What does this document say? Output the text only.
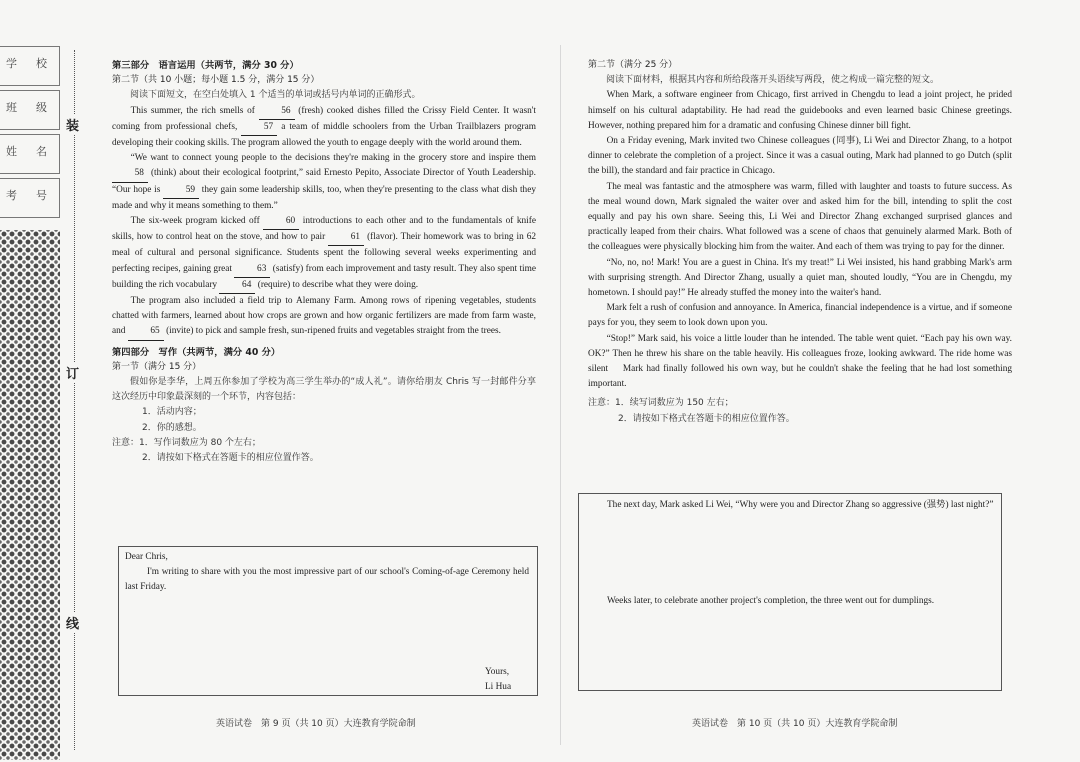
学 校
班 级
姓 名
考 号
装
订
线

第三部分　语言运用（共两节，满分 30 分）

第二节（共 10 小题；每小题 1.5 分，满分 15 分）

阅读下面短文，在空白处填入 1 个适当的单词或括号内单词的正确形式。

This summer, the rich smells of 56 (fresh) cooked dishes filled the Crissy Field Center. It wasn't coming from professional chefs, 57 a team of middle schoolers from the Urban Trailblazers program developing their cooking skills. The program allowed the youth to engage deeply with the world around them.

“We want to connect young people to the decisions they're making in the grocery store and inspire them 58 (think) about their ecological footprint,” said Ernesto Pepito, Associate Director of Youth Leadership. “Our hope is 59 they gain some leadership skills, too, when they're presenting to the class what dish they made and why it means something to them.”

The six-week program kicked off 60 introductions to each other and to the fundamentals of knife skills, how to control heat on the stove, and how to pair 61 (flavor). Their homework was to bring in 62 meal of cultural and personal significance. Students spent the following several weeks experimenting and perfecting recipes, gaining great 63 (satisfy) from each improvement and tasty result. They also spent time building the rich vocabulary 64 (require) to describe what they were doing.

The program also included a field trip to Alemany Farm. Among rows of ripening vegetables, students chatted with farmers, learned about how crops are grown and how organic fertilizers are made from farm waste, and 65 (invite) to pick and sample fresh, sun-ripened fruits and vegetables straight from the trees.

第四部分　写作（共两节，满分 40 分）

第一节（满分 15 分）

假如你是李华，上周五你参加了学校为高三学生举办的“成人礼”。请你给朋友 Chris 写一封邮件分享这次经历中印象最深刻的一个环节，内容包括：

1．活动内容；

2．你的感想。

注意：1．写作词数应为 80 个左右；

2．请按如下格式在答题卡的相应位置作答。

Dear Chris,
I'm writing to share with you the most impressive part of our school's Coming-of-age Ceremony held last Friday.
Yours,
Li Hua
英语试卷　第 9 页（共 10 页）大连教育学院命制

第二节（满分 25 分）

阅读下面材料，根据其内容和所给段落开头语续写两段，使之构成一篇完整的短文。

When Mark, a software engineer from Chicago, first arrived in Chengdu to lead a joint project, he prided himself on his cultural adaptability. He had read the guidebooks and even learned basic Chinese greetings. However, nothing prepared him for a dramatic and confusing Chinese dinner bill fight.

On a Friday evening, Mark invited two Chinese colleagues (同事), Li Wei and Director Zhang, to a hotpot dinner to celebrate the completion of a project. Since it was a casual outing, Mark had planned to go Dutch (split the bill), the standard and fair practice in Chicago.

The meal was fantastic and the atmosphere was warm, filled with laughter and toasts to future success. As the meal wound down, Mark signaled the waiter over and asked him for the bill, intending to split the cost equally and pay his own share. Seeing this, Li Wei and Director Zhang exchanged surprised glances and practically leaped from their chairs. What followed was a scene of chaos that genuinely alarmed Mark. Both of the colleagues were physically blocking him from the waiter. And each of them was trying to pay for the dinner.

“No, no, no! Mark! You are a guest in China. It's my treat!” Li Wei insisted, his hand grabbing Mark's arm with surprising strength. And Director Zhang, usually a quiet man, shouted loudly, “You are in Chengdu, my hometown. I should pay!” He already stuffed the money into the waiter's hand.

Mark felt a rush of confusion and annoyance. In America, financial independence is a virtue, and if someone pays for you, they seem to look down upon you.

“Stop!” Mark said, his voice a little louder than he intended. The table went quiet. “Each pay his own way. OK?” Then he threw his share on the table heavily. His colleagues froze, looking awkward. The ride home was silent　 Mark had finally followed his own way, but he couldn't shake the feeling that he had lost something important.

注意：1．续写词数应为 150 左右；

2．请按如下格式在答题卡的相应位置作答。

The next day, Mark asked Li Wei, “Why were you and Director Zhang so aggressive (强势) last night?”
Weeks later, to celebrate another project's completion, the three went out for dumplings.
英语试卷　第 10 页（共 10 页）大连教育学院命制
